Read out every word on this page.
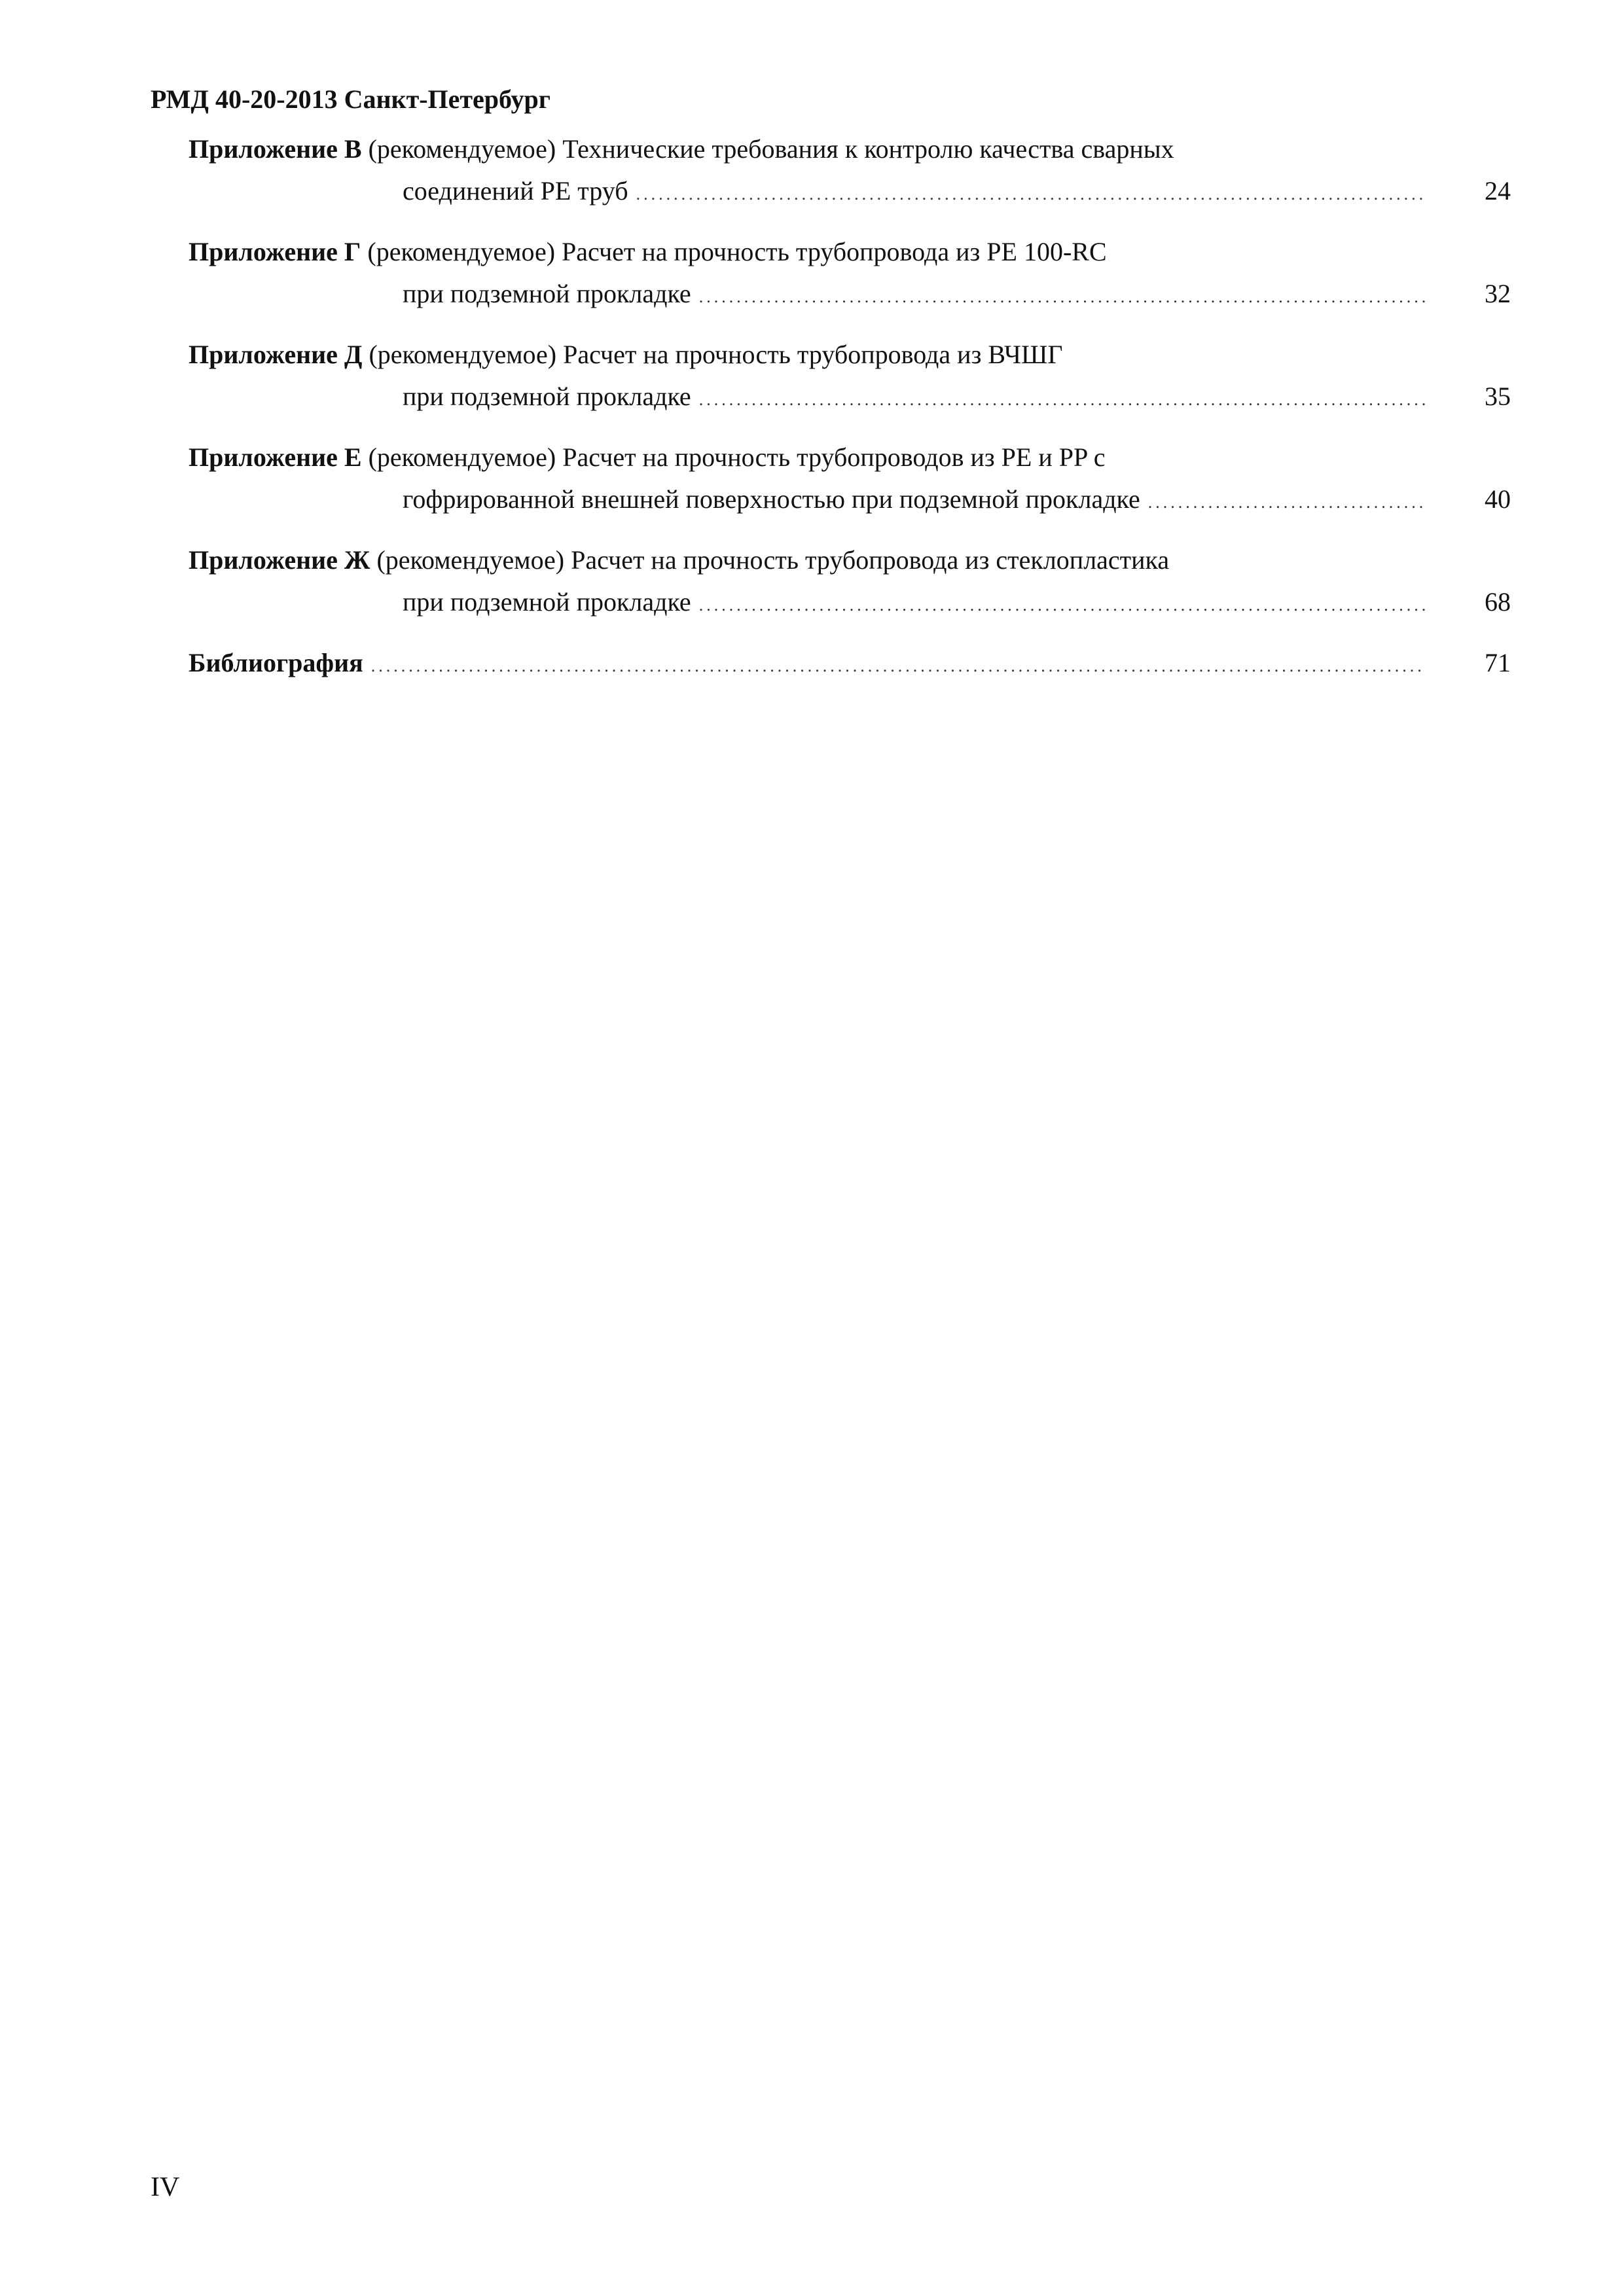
РМД 40-20-2013 Санкт-Петербург
Приложение В (рекомендуемое) Технические требования к контролю качества сварных
соединений PE труб .....	24
Приложение Г (рекомендуемое) Расчет на прочность трубопровода из PE 100-RC
при подземной прокладке .....	32
Приложение Д (рекомендуемое) Расчет на прочность трубопровода из ВЧШГ
при подземной прокладке .....	35
Приложение Е (рекомендуемое) Расчет на прочность трубопроводов из PE и PP с
гофрированной внешней поверхностью при подземной прокладке .....	40
Приложение Ж (рекомендуемое) Расчет на прочность трубопровода из стеклопластика
при подземной прокладке .....	68
Библиография .....	71
IV
